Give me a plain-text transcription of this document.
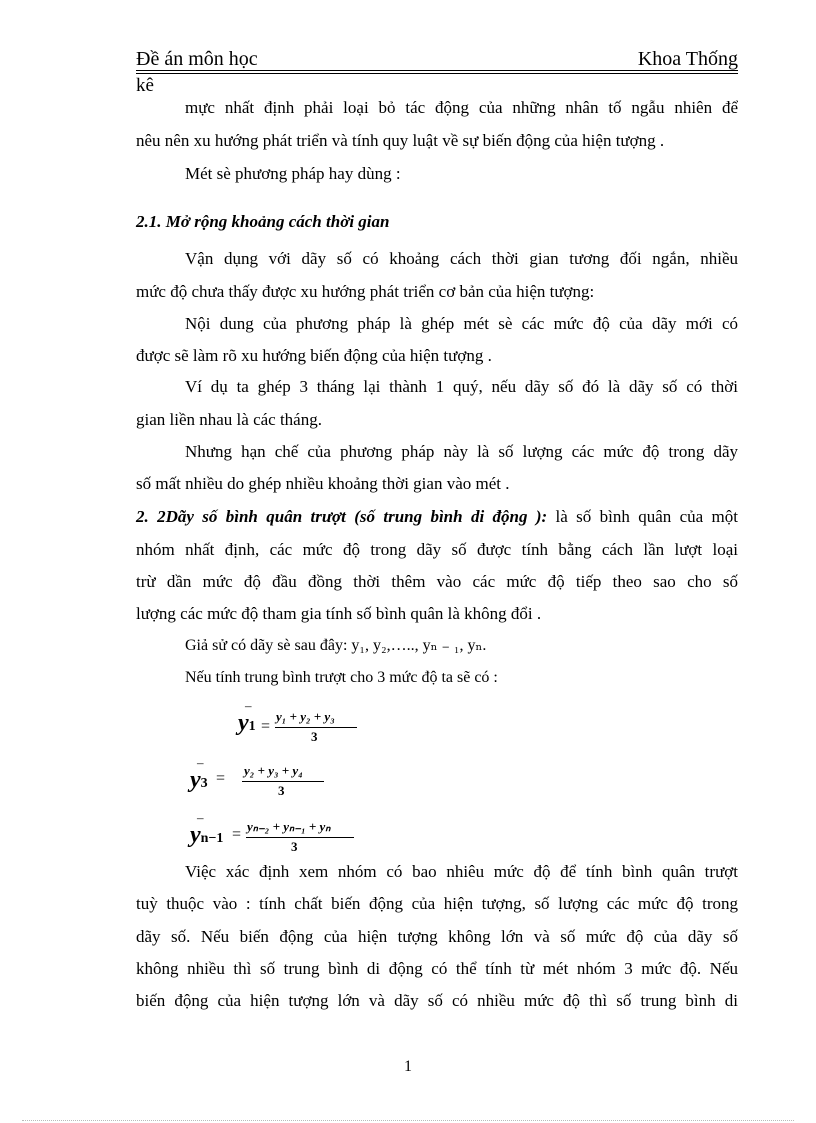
Đề án môn học	Khoa Thống
kê
mực nhất định phải loại bỏ tác động của những nhân tố ngẫu nhiên để
nêu nên xu hướng phát triển và tính quy luật về sự biến động của hiện tượng .
Mét sè phương pháp hay dùng :
2.1. Mở rộng khoảng cách thời gian
Vận dụng với dãy số có khoảng cách thời gian tương đối ngắn, nhiều
mức độ chưa thấy được xu hướng phát triển cơ bản của hiện tượng:
Nội dung của phương pháp là ghép mét sè các mức độ của dãy mới có
được sẽ làm rõ xu hướng biến động của hiện tượng .
Ví dụ ta ghép 3 tháng lại thành 1 quý, nếu dãy số đó là dãy số có thời
gian liền nhau là các tháng.
Nhưng hạn chế của phương pháp này là số lượng các mức độ trong dãy
số mất nhiều do ghép nhiều khoảng thời gian vào mét .
2. 2Dãy số bình quân trượt (số trung bình di động ): là số bình quân của một
nhóm nhất định, các mức độ trong dãy số được tính bằng cách lần lượt loại
trừ dần mức độ đầu đồng thời thêm vào các mức độ tiếp theo sao cho số
lượng các mức độ tham gia tính số bình quân là không đổi .
Giả sử có dãy sè sau đây: y₁, y₂,….., yₙ ₋ ₁, yₙ.
Nếu tính trung bình trượt cho 3 mức độ ta sẽ có :
–
y1 =
y₁ + y₂ + y₃
3
–
y3 = y₂ + y₃ + y₄
3
–
yn−1 = yₙ₋₂ + yₙ₋₁ + yₙ
3
Việc xác định xem nhóm có bao nhiêu mức độ để tính bình quân trượt
tuỳ thuộc vào : tính chất biến động của hiện tượng, số lượng các mức độ trong
dãy số. Nếu biến động của hiện tượng không lớn và số mức độ của dãy số
không nhiều thì số trung bình di động có thể tính từ mét nhóm 3 mức độ. Nếu
biến động của hiện tượng lớn và dãy số có nhiều mức độ thì số trung bình di
1
